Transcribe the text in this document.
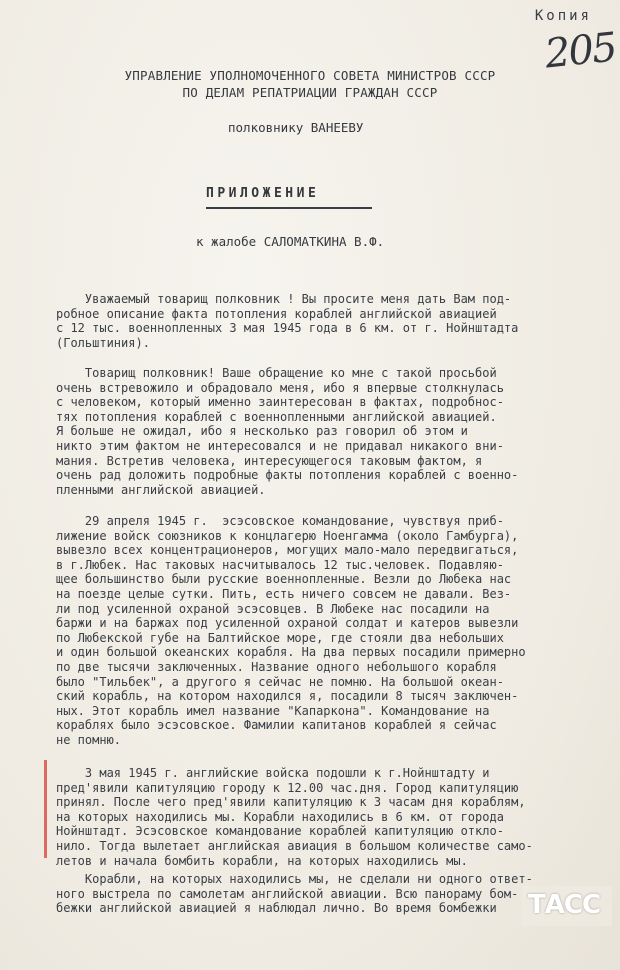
Копия
205
УПРАВЛЕНИЕ УПОЛНОМОЧЕННОГО СОВЕТА МИНИСТРОВ СССР
ПО ДЕЛАМ РЕПАТРИАЦИИ ГРАЖДАН СССР
полковнику ВАНЕЕВУ
ПРИЛОЖЕНИЕ
к жалобе САЛОМАТКИНА В.Ф.

Уважаемый товарищ полковник ! Вы просите меня дать Вам под-
робное описание факта потопления кораблей английской авиацией
с 12 тыс. военнопленных 3 мая 1945 года в 6 км. от г. Нойнштадта
(Гольштиния).

Товарищ полковник! Ваше обращение ко мне с такой просьбой
очень встревожило и обрадовало меня, ибо я впервые столкнулась
с человеком, который именно заинтересован в фактах, подробнос-
тях потопления кораблей с военнопленными английской авиацией.
Я больше не ожидал, ибо я несколько раз говорил об этом и
никто этим фактом не интересовался и не придавал никакого вни-
мания. Встретив человека, интересующегося таковым фактом, я
очень рад доложить подробные факты потопления кораблей с военно-
пленными английской авиацией.

29 апреля 1945 г.  эсэсовское командование, чувствуя приб-
лижение войск союзников к концлагерю Ноенгамма (около Гамбурга),
вывезло всех концентрационеров, могущих мало-мало передвигаться,
в г.Любек. Нас таковых насчитывалось 12 тыс.человек. Подавляю-
щее большинство были русские военнопленные. Везли до Любека нас
на поезде целые сутки. Пить, есть ничего совсем не давали. Вез-
ли под усиленной охраной эсэсовцев. В Любеке нас посадили на
баржи и на баржах под усиленной охраной солдат и катеров вывезли
по Любекской губе на Балтийское море, где стояли два небольших
и один большой океанских корабля. На два первых посадили примерно
по две тысячи заключенных. Название одного небольшого корабля
было "Тильбек", а другого я сейчас не помню. На большой океан-
ский корабль, на котором находился я, посадили 8 тысяч заключен-
ных. Этот корабль имел название "Капаркона". Командование на
кораблях было эсэсовское. Фамилии капитанов кораблей я сейчас
не помню.

3 мая 1945 г. английские войска подошли к г.Нойнштадту и
пред'явили капитуляцию городу к 12.00 час.дня. Город капитуляцию
принял. После чего пред'явили капитуляцию к 3 часам дня кораблям,
на которых находились мы. Корабли находились в 6 км. от города
Нойнштадт. Эсэсовское командование кораблей капитуляцию откло-
нило. Тогда вылетает английская авиация в большом количестве само-
летов и начала бомбить корабли, на которых находились мы.

Корабли, на которых находились мы, не сделали ни одного ответ-
ного выстрела по самолетам английской авиации. Всю панораму бом-
бежки английской авиацией я наблюдал лично. Во время бомбежки	ТАСС
